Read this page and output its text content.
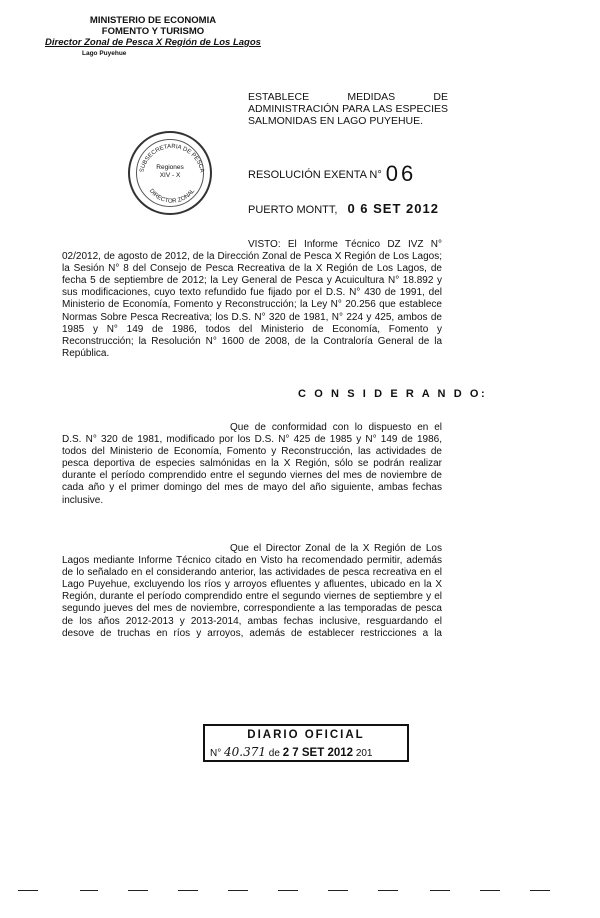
MINISTERIO DE ECONOMIA
FOMENTO Y TURISMO
Director Zonal de Pesca X Región de Los Lagos
Lago Puyehue
ESTABLECE MEDIDAS DE ADMINISTRACIÓN PARA LAS ESPECIES SALMONIDAS EN LAGO PUYEHUE.
SUBSECRETARIA DE PESCA
DIRECTOR ZONAL
Regiones
XIV - X	RESOLUCIÓN EXENTA N° 06
PUERTO MONTT, 0 6 SET 2012
VISTO: El Informe Técnico DZ IVZ N° 02/2012, de agosto de 2012, de la Dirección Zonal de Pesca X Región de Los Lagos; la Sesión N° 8 del Consejo de Pesca Recreativa de la X Región de Los Lagos, de fecha 5 de septiembre de 2012; la Ley General de Pesca y Acuicultura N° 18.892 y sus modificaciones, cuyo texto refundido fue fijado por el D.S. N° 430 de 1991, del Ministerio de Economía, Fomento y Reconstrucción; la Ley N° 20.256 que establece Normas Sobre Pesca Recreativa; los D.S. N° 320 de 1981, N° 224 y 425, ambos de 1985 y N° 149 de 1986, todos del Ministerio de Economía, Fomento y Reconstrucción; la Resolución N° 1600 de 2008, de la Contraloría General de la República.
C O N S I D E R A N D O:
Que de conformidad con lo dispuesto en el D.S. N° 320 de 1981, modificado por los D.S. N° 425 de 1985 y N° 149 de 1986, todos del Ministerio de Economía, Fomento y Reconstrucción, las actividades de pesca deportiva de especies salmónidas en la X Región, sólo se podrán realizar durante el período comprendido entre el segundo viernes del mes de noviembre de cada año y el primer domingo del mes de mayo del año siguiente, ambas fechas inclusive.
Que el Director Zonal de la X Región de Los Lagos mediante Informe Técnico citado en Visto ha recomendado permitir, además de lo señalado en el considerando anterior, las actividades de pesca recreativa en el Lago Puyehue, excluyendo los ríos y arroyos efluentes y afluentes, ubicado en la X Región, durante el período comprendido entre el segundo viernes de septiembre y el segundo jueves del mes de noviembre, correspondiente a las temporadas de pesca de los años 2012-2013 y 2013-2014, ambas fechas inclusive, resguardando el desove de truchas en ríos y arroyos, además de establecer restricciones a la
DIARIO OFICIAL
N° 40.371 de 2 7 SET 2012 201
